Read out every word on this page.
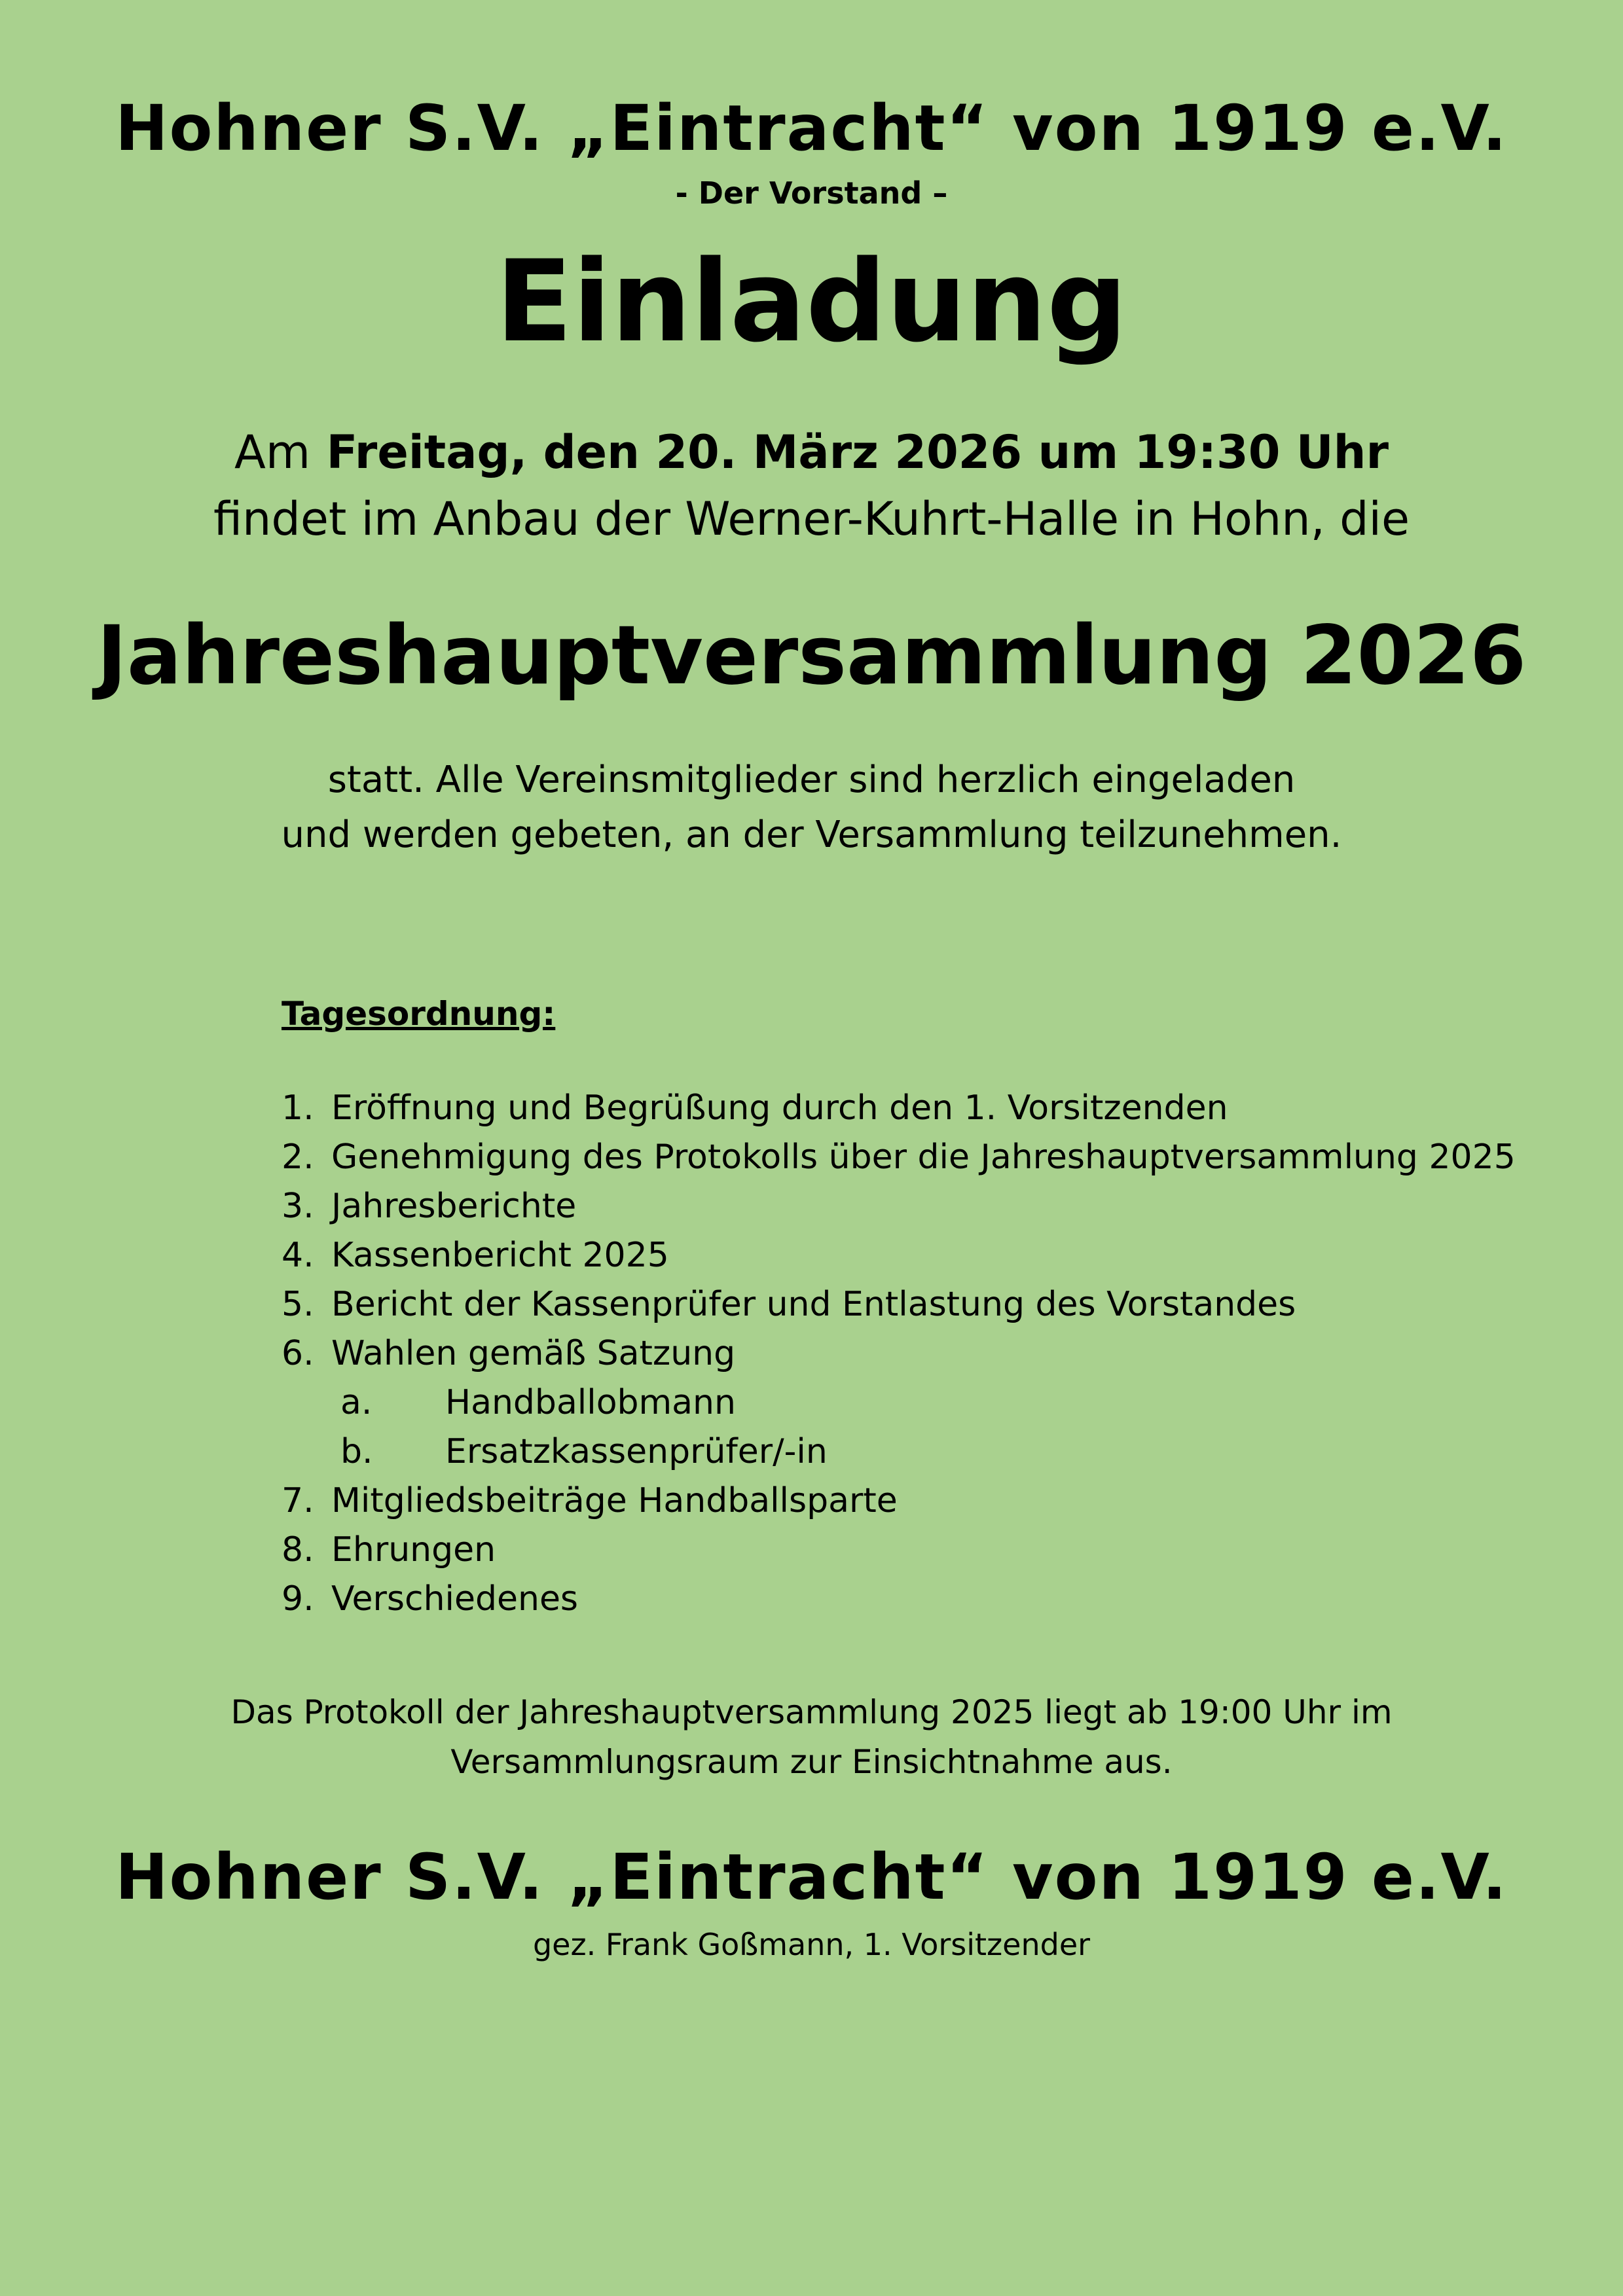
Hohner S.V. „Eintracht“ von 1919 e.V.
- Der Vorstand –
Einladung
Am Freitag, den 20. März 2026 um 19:30 Uhr
findet im Anbau der Werner-Kuhrt-Halle in Hohn, die
Jahreshauptversammlung 2026
statt. Alle Vereinsmitglieder sind herzlich eingeladen
und werden gebeten, an der Versammlung teilzunehmen.
Tagesordnung:
1. Eröffnung und Begrüßung durch den 1. Vorsitzenden
2. Genehmigung des Protokolls über die Jahreshauptversammlung 2025
3. Jahresberichte
4. Kassenbericht 2025
5. Bericht der Kassenprüfer und Entlastung des Vorstandes
6. Wahlen gemäß Satzung
a.	Handballobmann
b.	Ersatzkassenprüfer/-in
7. Mitgliedsbeiträge Handballsparte
8. Ehrungen
9. Verschiedenes
Das Protokoll der Jahreshauptversammlung 2025 liegt ab 19:00 Uhr im
Versammlungsraum zur Einsichtnahme aus.
Hohner S.V. „Eintracht“ von 1919 e.V.
gez. Frank Goßmann, 1. Vorsitzender
